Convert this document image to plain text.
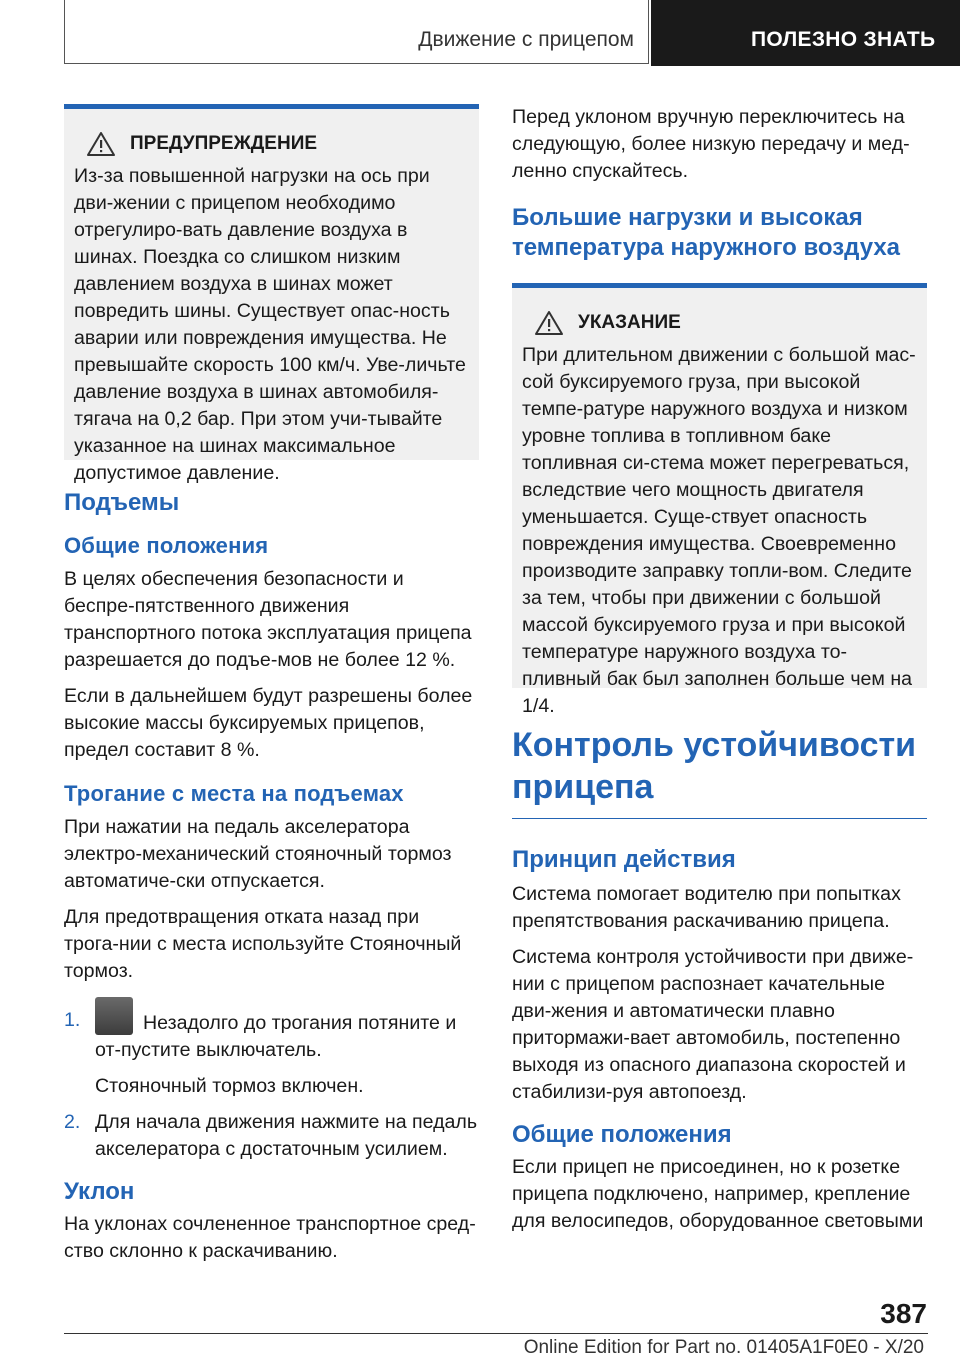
Движение с прицепом	ПОЛЕЗНО ЗНАТЬ
ПРЕДУПРЕЖДЕНИЕ

Из-за повышенной нагрузки на ось при дви-жении с прицепом необходимо отрегулиро-вать давление воздуха в шинах. Поездка со слишком низким давлением воздуха в шинах может повредить шины. Существует опас-ность аварии или повреждения имущества. Не превышайте скорость 100 км/ч. Уве-личьте давление воздуха в шинах автомобиля-тягача на 0,2 бар. При этом учи-тывайте указанное на шинах максимальное допустимое давление.

Подъемы
Общие положения

В целях обеспечения безопасности и беспре-пятственного движения транспортного потока эксплуатация прицепа разрешается до подъе-мов не более 12 %.

Если в дальнейшем будут разрешены более высокие массы буксируемых прицепов, предел составит 8 %.

Трогание с места на подъемах

При нажатии на педаль акселератора электро-механический стояночный тормоз автоматиче-ски отпускается.

Для предотвращения отката назад при трога-нии с места используйте Стояночный тормоз.

1.	Незадолго до трогания потяните и от-пустите выключатель.
Стояночный тормоз включен.
2. Для начала движения нажмите на педаль акселератора с достаточным усилием.
Уклон

На уклонах сочлененное транспортное сред-ство склонно к раскачиванию.

Перед уклоном вручную переключитесь на следующую, более низкую передачу и мед-ленно спускайтесь.

Большие нагрузки и высокая температура наружного воздуха
УКАЗАНИЕ

При длительном движении с большой мас-сой буксируемого груза, при высокой темпе-ратуре наружного воздуха и низком уровне топлива в топливном баке топливная си-стема может перегреваться, вследствие чего мощность двигателя уменьшается. Суще-ствует опасность повреждения имущества. Своевременно производите заправку топли-вом. Следите за тем, чтобы при движении с большой массой буксируемого груза и при высокой температуре наружного воздуха то-пливный бак был заполнен больше чем на 1/4.

Контроль устойчивости прицепа
Принцип действия

Система помогает водителю при попытках препятствования раскачиванию прицепа.

Система контроля устойчивости при движе-нии с прицепом распознает качательные дви-жения и автоматически плавно притормажи-вает автомобиль, постепенно выходя из опасного диапазона скоростей и стабилизи-руя автопоезд.

Общие положения

Если прицеп не присоединен, но к розетке прицепа подключено, например, крепление для велосипедов, оборудованное световыми

387
Online Edition for Part no. 01405A1F0E0 - X/20
